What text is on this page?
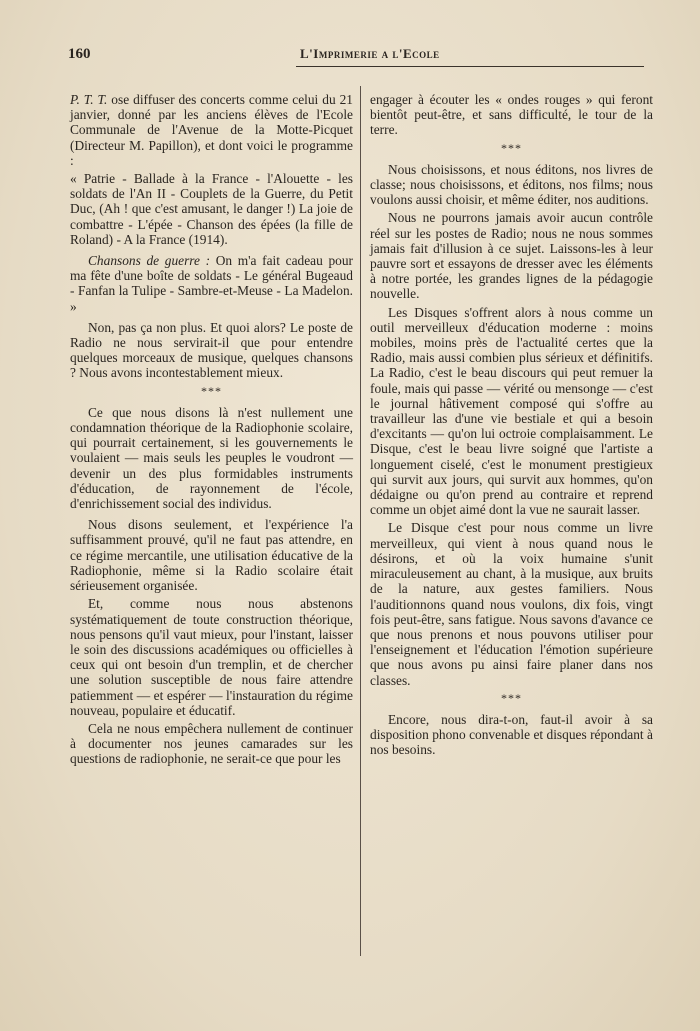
160	L'Imprimerie a l'Ecole

P. T. T. ose diffuser des concerts comme celui du 21 janvier, donné par les anciens élèves de l'Ecole Communale de l'Avenue de la Motte-Picquet (Directeur M. Papillon), et dont voici le programme :

« Patrie - Ballade à la France - l'Alouette - les soldats de l'An II - Couplets de la Guerre, du Petit Duc, (Ah ! que c'est amusant, le danger !) La joie de combattre - L'épée - Chanson des épées (la fille de Roland) - A la France (1914).

Chansons de guerre : On m'a fait cadeau pour ma fête d'une boîte de soldats - Le général Bugeaud - Fanfan la Tulipe - Sambre-et-Meuse - La Madelon. »

Non, pas ça non plus. Et quoi alors? Le poste de Radio ne nous servirait-il que pour entendre quelques morceaux de musique, quelques chansons ? Nous avons incontestablement mieux.

***

Ce que nous disons là n'est nullement une condamnation théorique de la Radiophonie scolaire, qui pourrait certainement, si les gouvernements le voulaient — mais seuls les peuples le voudront — devenir un des plus formidables instruments d'éducation, de rayonnement de l'école, d'enrichissement social des individus.

Nous disons seulement, et l'expérience l'a suffisamment prouvé, qu'il ne faut pas attendre, en ce régime mercantile, une utilisation éducative de la Radiophonie, même si la Radio scolaire était sérieusement organisée.

Et, comme nous nous abstenons systématiquement de toute construction théorique, nous pensons qu'il vaut mieux, pour l'instant, laisser le soin des discussions académiques ou officielles à ceux qui ont besoin d'un tremplin, et de chercher une solution susceptible de nous faire attendre patiemment — et espérer — l'instauration du régime nouveau, populaire et éducatif.

Cela ne nous empêchera nullement de continuer à documenter nos jeunes camarades sur les questions de radiophonie, ne serait-ce que pour les

engager à écouter les « ondes rouges » qui feront bientôt peut-être, et sans difficulté, le tour de la terre.

***

Nous choisissons, et nous éditons, nos livres de classe; nous choisissons, et éditons, nos films; nous voulons aussi choisir, et même éditer, nos auditions.

Nous ne pourrons jamais avoir aucun contrôle réel sur les postes de Radio; nous ne nous sommes jamais fait d'illusion à ce sujet. Laissons-les à leur pauvre sort et essayons de dresser avec les éléments à notre portée, les grandes lignes de la pédagogie nouvelle.

Les Disques s'offrent alors à nous comme un outil merveilleux d'éducation moderne : moins mobiles, moins près de l'actualité certes que la Radio, mais aussi combien plus sérieux et définitifs. La Radio, c'est le beau discours qui peut remuer la foule, mais qui passe — vérité ou mensonge — c'est le journal hâtivement composé qui s'offre au travailleur las d'une vie bestiale et qui a besoin d'excitants — qu'on lui octroie complaisamment. Le Disque, c'est le beau livre soigné que l'artiste a longuement ciselé, c'est le monument prestigieux qui survit aux jours, qui survit aux hommes, qu'on dédaigne ou qu'on prend au contraire et reprend comme un objet aimé dont la vue ne saurait lasser.

Le Disque c'est pour nous comme un livre merveilleux, qui vient à nous quand nous le désirons, et où la voix humaine s'unit miraculeusement au chant, à la musique, aux bruits de la nature, aux gestes familiers. Nous l'auditionnons quand nous voulons, dix fois, vingt fois peut-être, sans fatigue. Nous savons d'avance ce que nous prenons et nous pouvons utiliser pour l'enseignement et l'éducation l'émotion supérieure que nous avons pu ainsi faire planer dans nos classes.

***

Encore, nous dira-t-on, faut-il avoir à sa disposition phono convenable et disques répondant à nos besoins.
